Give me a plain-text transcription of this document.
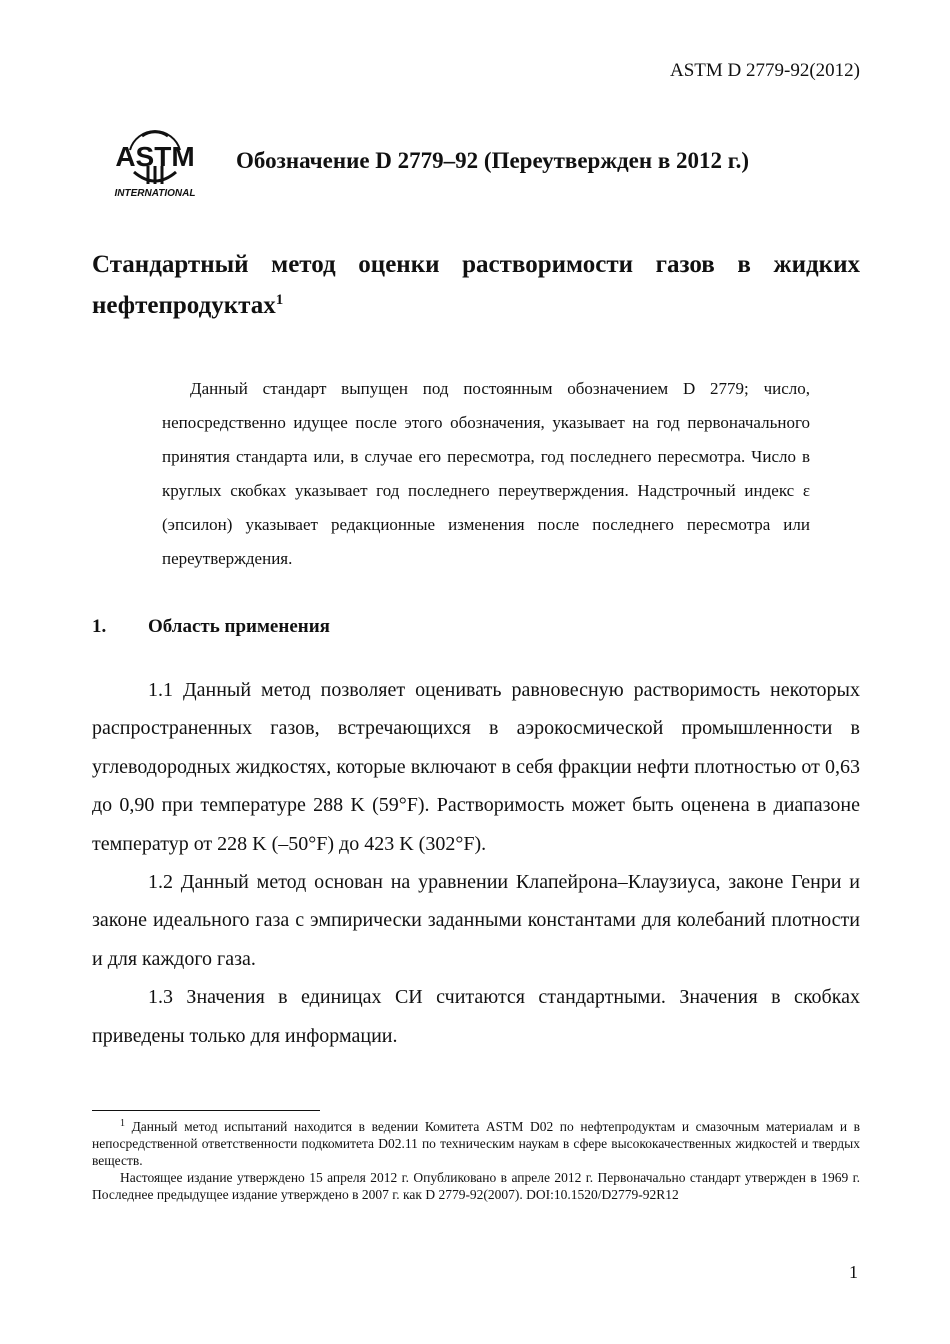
ASTM D 2779-92(2012)
ASTM
INTERNATIONAL
Обозначение D 2779–92 (Переутвержден в 2012 г.)
Стандартный метод оценки растворимости газов в жидких нефтепродуктах$^1$
Данный стандарт выпущен под постоянным обозначением D 2779; число, непосредственно идущее после этого обозначения, указывает на год первоначального принятия стандарта или, в случае его пересмотра, год последнего пересмотра. Число в круглых скобках указывает год последнего переутверждения. Надстрочный индекс ε (эпсилон) указывает редакционные изменения после последнего пересмотра или переутверждения.
1. Область применения

1.1 Данный метод позволяет оценивать равновесную растворимость некоторых распространенных газов, встречающихся в аэрокосмической промышленности в углеводородных жидкостях, которые включают в себя фракции нефти плотностью от 0,63 до 0,90 при температуре 288 K (59°F). Растворимость может быть оценена в диапазоне температур от 228 K (–50°F) до 423 K (302°F).

1.2 Данный метод основан на уравнении Клапейрона–Клаузиуса, законе Генри и законе идеального газа с эмпирически заданными константами для колебаний плотности и для каждого газа.

1.3 Значения в единицах СИ считаются стандартными. Значения в скобках приведены только для информации.

$^1$ Данный метод испытаний находится в ведении Комитета ASTM D02 по нефтепродуктам и смазочным материалам и в непосредственной ответственности подкомитета D02.11 по техническим наукам в сфере высококачественных жидкостей и твердых веществ.

Настоящее издание утверждено 15 апреля 2012 г. Опубликовано в апреле 2012 г. Первоначально стандарт утвержден в 1969 г. Последнее предыдущее издание утверждено в 2007 г. как D 2779-92(2007). DOI:10.1520/D2779-92R12

1
